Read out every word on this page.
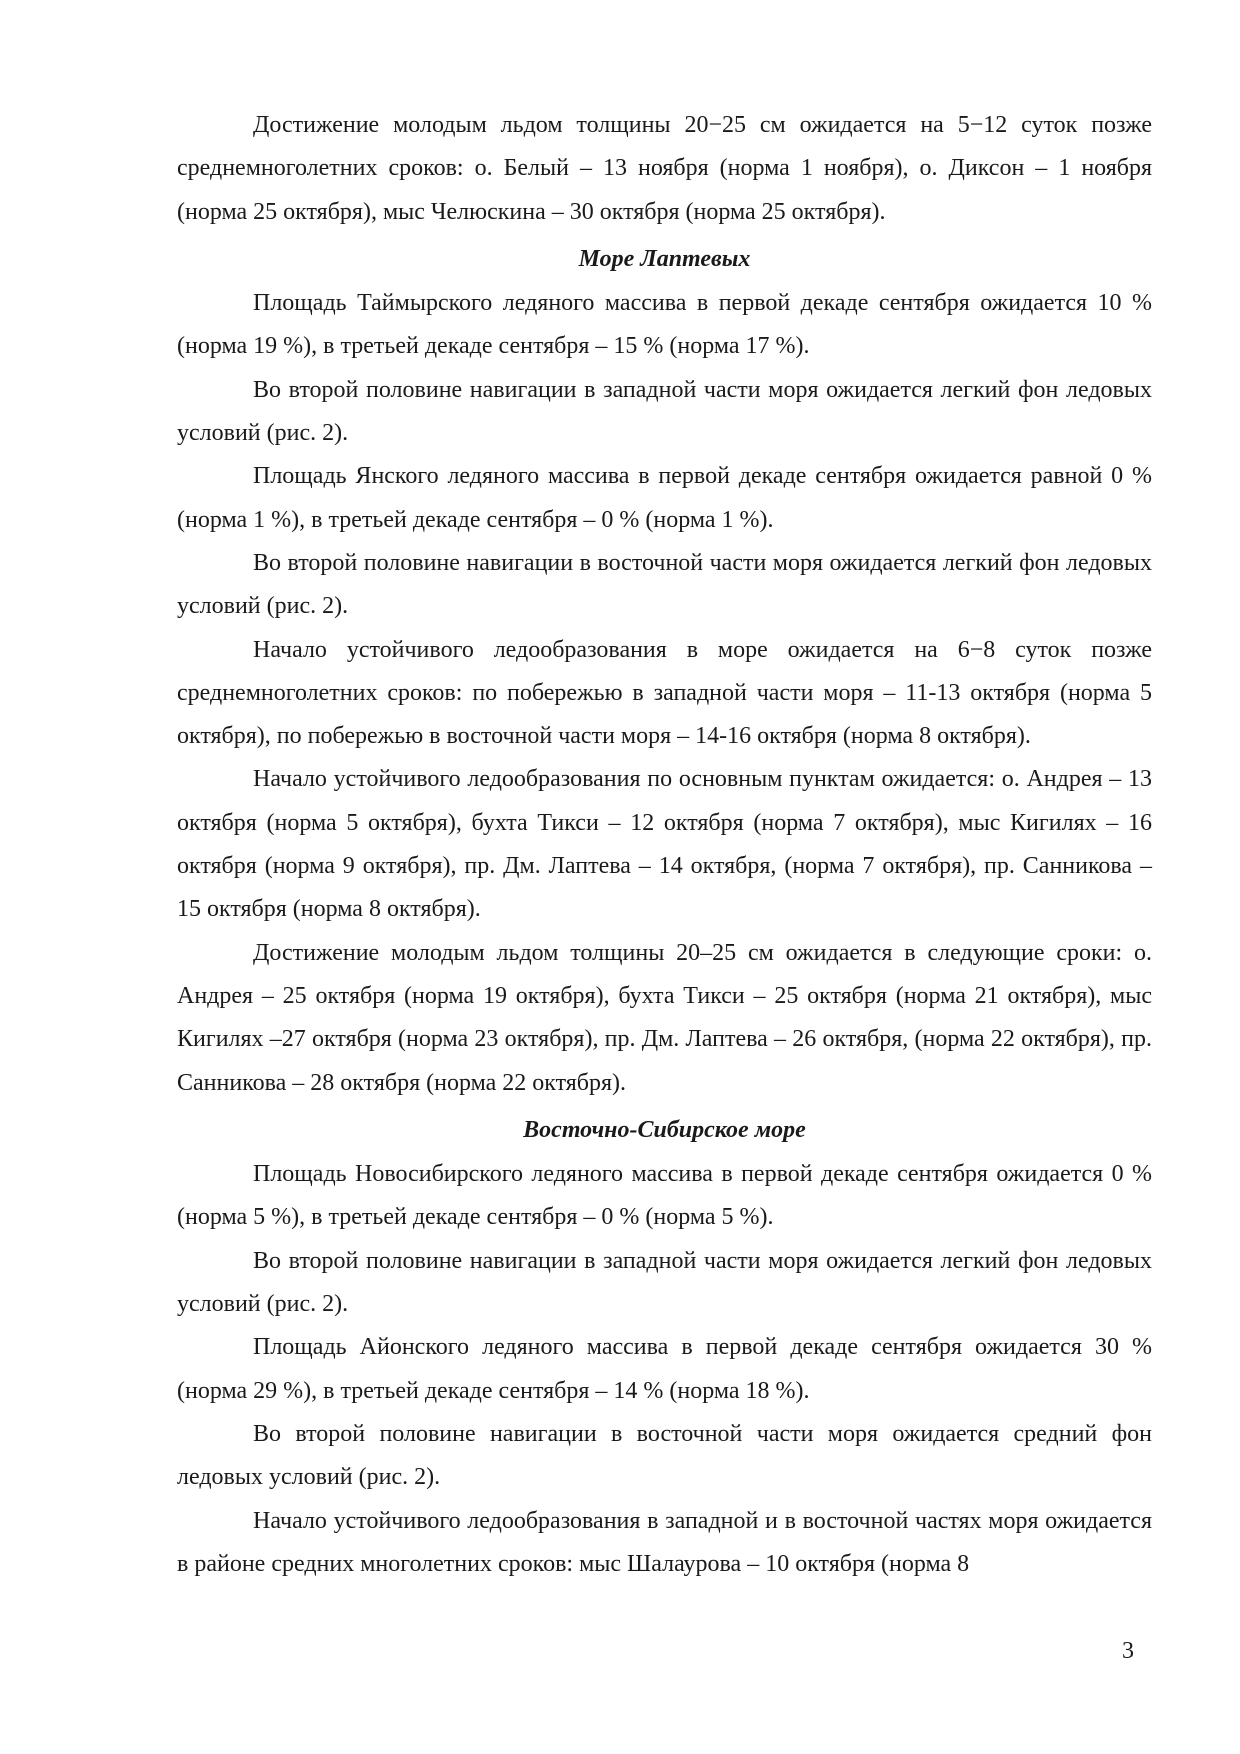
Достижение молодым льдом толщины 20−25 см ожидается на 5−12 суток позже среднемноголетних сроков: о. Белый – 13 ноября (норма 1 ноября), о. Диксон – 1 ноября (норма 25 октября), мыс Челюскина – 30 октября (норма 25 октября).

Море Лаптевых

Площадь Таймырского ледяного массива в первой декаде сентября ожидается 10 % (норма 19 %), в третьей декаде сентября – 15 % (норма 17 %).

Во второй половине навигации в западной части моря ожидается легкий фон ледовых условий (рис. 2).

Площадь Янского ледяного массива в первой декаде сентября ожидается равной 0 % (норма 1 %), в третьей декаде сентября – 0 % (норма 1 %).

Во второй половине навигации в восточной части моря ожидается легкий фон ледовых условий (рис. 2).

Начало устойчивого ледообразования в море ожидается на 6−8 суток позже среднемноголетних сроков: по побережью в западной части моря – 11-13 октября (норма 5 октября), по побережью в восточной части моря – 14-16 октября (норма 8 октября).

Начало устойчивого ледообразования по основным пунктам ожидается: о. Андрея – 13 октября (норма 5 октября), бухта Тикси – 12 октября (норма 7 октября), мыс Кигилях – 16 октября (норма 9 октября), пр. Дм. Лаптева – 14 октября, (норма 7 октября), пр. Санникова – 15 октября (норма 8 октября).

Достижение молодым льдом толщины 20–25 см ожидается в следующие сроки: о. Андрея – 25 октября (норма 19 октября), бухта Тикси – 25 октября (норма 21 октября), мыс Кигилях –27 октября (норма 23 октября), пр. Дм. Лаптева – 26 октября, (норма 22 октября), пр. Санникова – 28 октября (норма 22 октября).

Восточно-Сибирское море

Площадь Новосибирского ледяного массива в первой декаде сентября ожидается 0 % (норма 5 %), в третьей декаде сентября – 0 % (норма 5 %).

Во второй половине навигации в западной части моря ожидается легкий фон ледовых условий (рис. 2).

Площадь Айонского ледяного массива в первой декаде сентября ожидается 30 % (норма 29 %), в третьей декаде сентября – 14 % (норма 18 %).

Во второй половине навигации в восточной части моря ожидается средний фон ледовых условий (рис. 2).

Начало устойчивого ледообразования в западной и в восточной частях моря ожидается в районе средних многолетних сроков: мыс Шалаурова – 10 октября (норма 8

3
